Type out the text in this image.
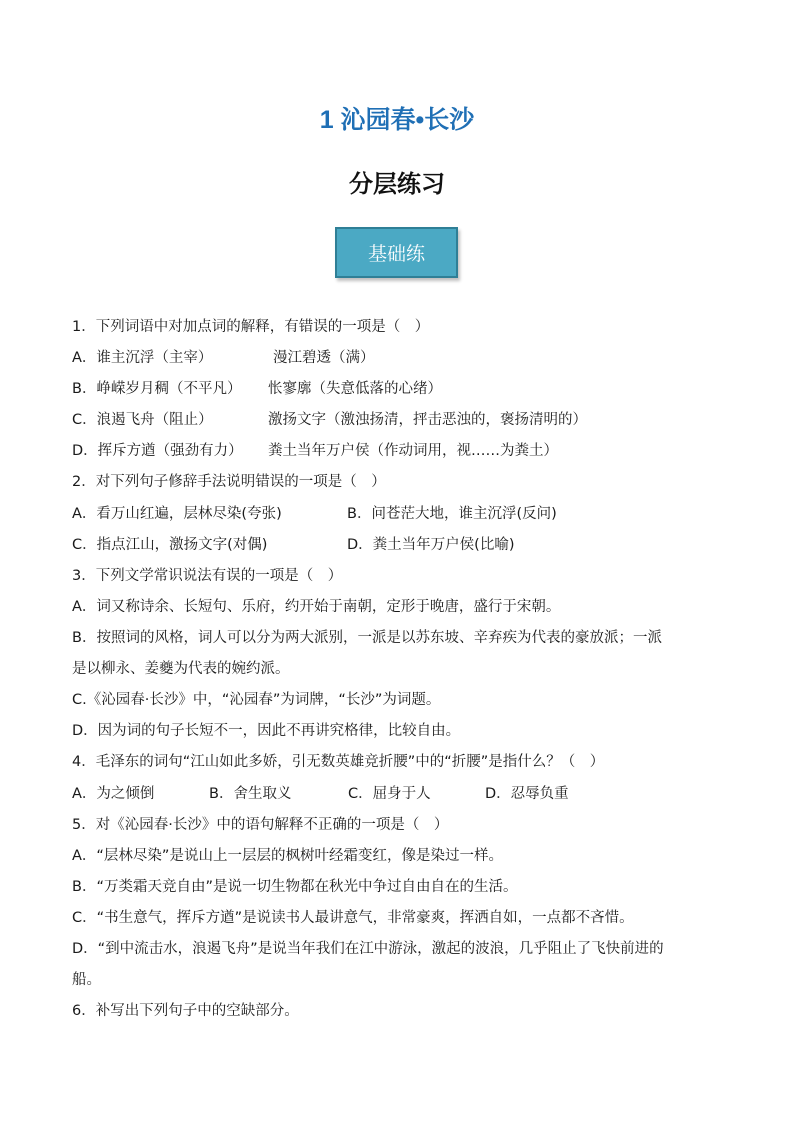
1 沁园春•长沙
分层练习
基础练
1．下列词语中对加点词的解释，有错误的一项是（　）
A．谁主沉浮（主宰）	漫江碧透（满）
B．峥嵘岁月稠（不平凡） 怅寥廓（失意低落的心绪）
C．浪遏飞舟（阻止）	激扬文字（激浊扬清，抨击恶浊的，褒扬清明的）
D．挥斥方遒（强劲有力） 粪土当年万户侯（作动词用，视……为粪土）
2．对下列句子修辞手法说明错误的一项是（　）
A．看万山红遍，层林尽染(夸张)	B．问苍茫大地，谁主沉浮(反问)
C．指点江山，激扬文字(对偶)	D．粪土当年万户侯(比喻)
3．下列文学常识说法有误的一项是（　）
A．词又称诗余、长短句、乐府，约开始于南朝，定形于晚唐，盛行于宋朝。
B．按照词的风格，词人可以分为两大派别，一派是以苏东坡、辛弃疾为代表的豪放派；一派
是以柳永、姜夔为代表的婉约派。
C.《沁园春·长沙》中，“沁园春”为词牌，“长沙”为词题。
D．因为词的句子长短不一，因此不再讲究格律，比较自由。
4．毛泽东的词句“江山如此多娇，引无数英雄竞折腰”中的“折腰”是指什么？（　）
A．为之倾倒	B．舍生取义	C．屈身于人	D．忍辱负重
5．对《沁园春·长沙》中的语句解释不正确的一项是（　）
A．“层林尽染”是说山上一层层的枫树叶经霜变红，像是染过一样。
B．“万类霜天竞自由”是说一切生物都在秋光中争过自由自在的生活。
C．“书生意气，挥斥方遒”是说读书人最讲意气，非常豪爽，挥洒自如，一点都不吝惜。
D．“到中流击水，浪遏飞舟”是说当年我们在江中游泳，激起的波浪，几乎阻止了飞快前进的
船。
6．补写出下列句子中的空缺部分。
